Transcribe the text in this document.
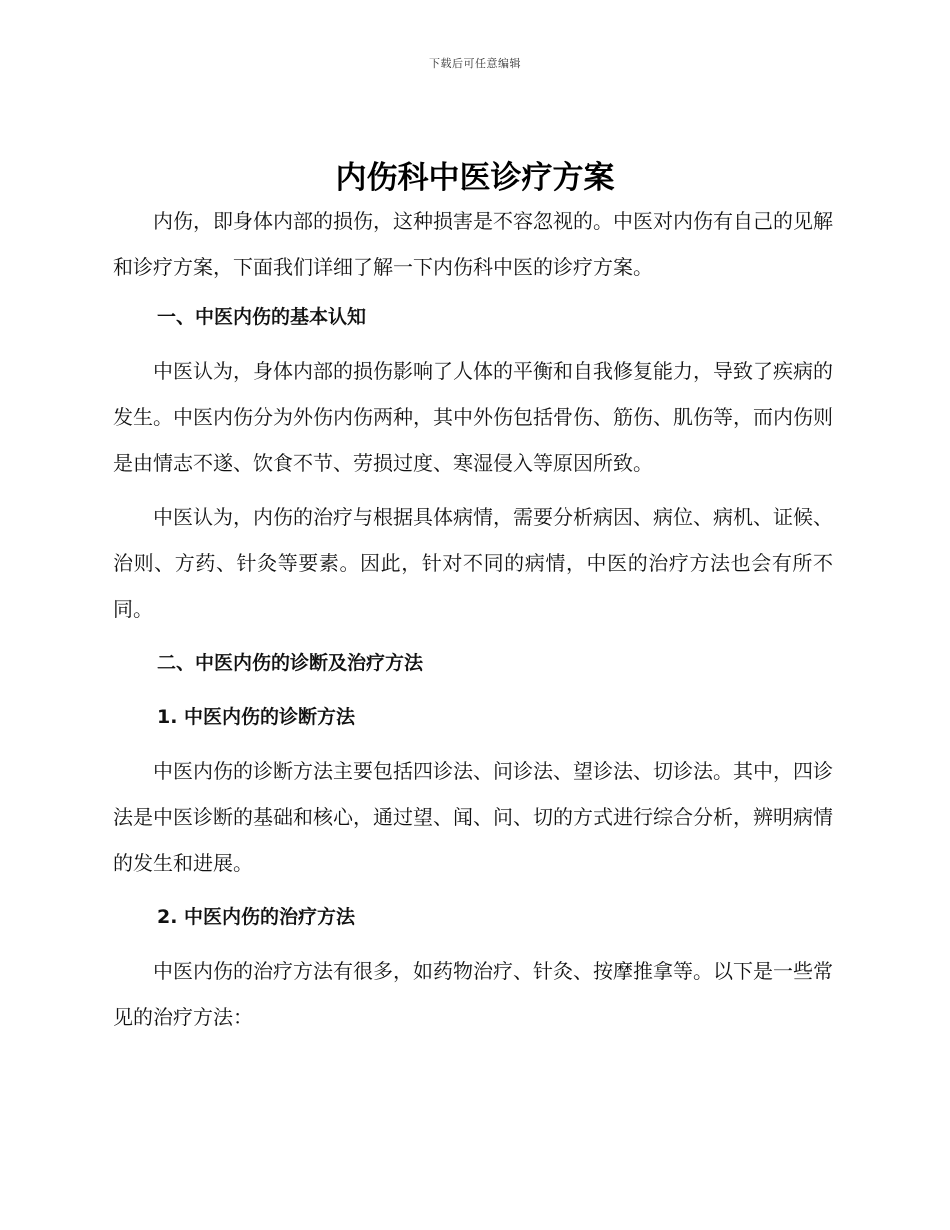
下载后可任意编辑
内伤科中医诊疗方案

内伤，即身体内部的损伤，这种损害是不容忽视的。中医对内伤有自己的见解和诊疗方案，下面我们详细了解一下内伤科中医的诊疗方案。

一、中医内伤的基本认知

中医认为，身体内部的损伤影响了人体的平衡和自我修复能力，导致了疾病的发生。中医内伤分为外伤内伤两种，其中外伤包括骨伤、筋伤、肌伤等，而内伤则是由情志不遂、饮食不节、劳损过度、寒湿侵入等原因所致。

中医认为，内伤的治疗与根据具体病情，需要分析病因、病位、病机、证候、治则、方药、针灸等要素。因此，针对不同的病情，中医的治疗方法也会有所不同。

二、中医内伤的诊断及治疗方法
1. 中医内伤的诊断方法

中医内伤的诊断方法主要包括四诊法、问诊法、望诊法、切诊法。其中，四诊法是中医诊断的基础和核心，通过望、闻、问、切的方式进行综合分析，辨明病情的发生和进展。

2. 中医内伤的治疗方法

中医内伤的治疗方法有很多，如药物治疗、针灸、按摩推拿等。以下是一些常见的治疗方法：
